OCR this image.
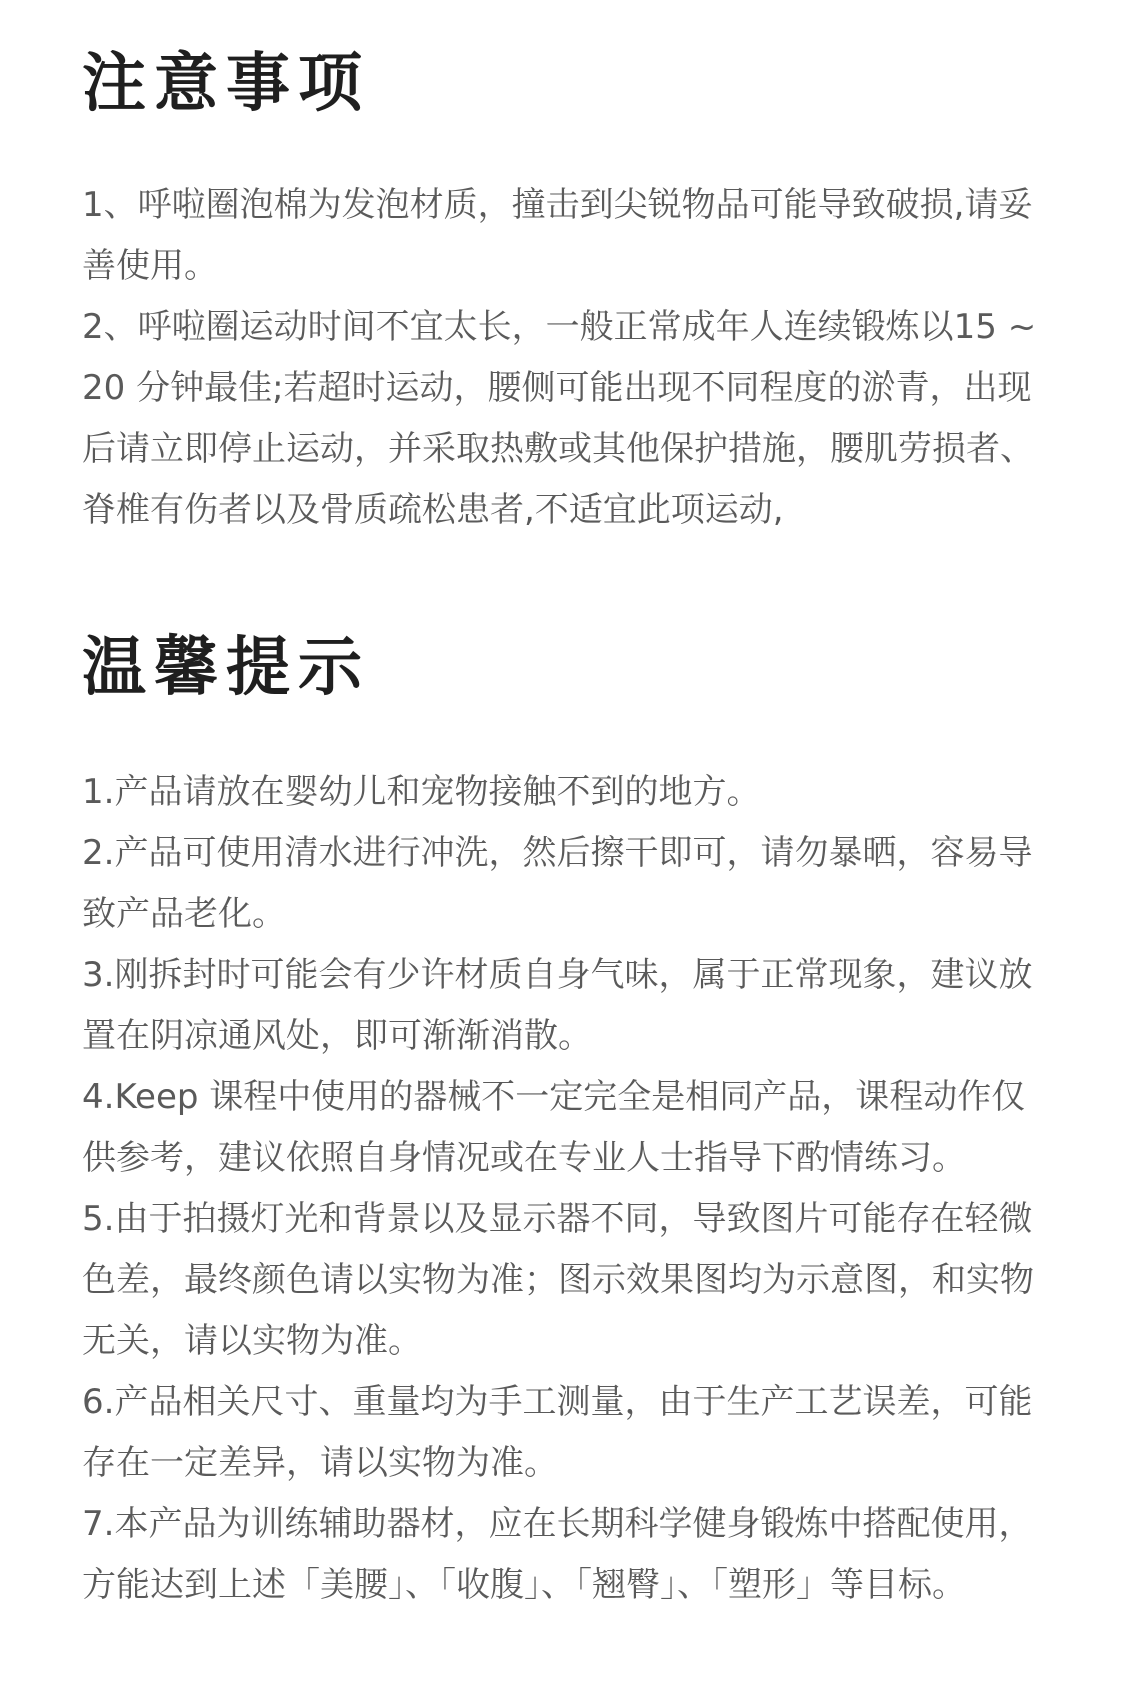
注意事项

1、呼啦圈泡棉为发泡材质，撞击到尖锐物品可能导致破损,请妥善使用。

2、呼啦圈运动时间不宜太长，一般正常成年人连续锻炼以15 ~ 20 分钟最佳;若超时运动，腰侧可能出现不同程度的淤青，出现后请立即停止运动，并采取热敷或其他保护措施，腰肌劳损者、脊椎有伤者以及骨质疏松患者,不适宜此项运动,

温馨提示

1.产品请放在婴幼儿和宠物接触不到的地方。

2.产品可使用清水进行冲洗，然后擦干即可，请勿暴晒，容易导致产品老化。

3.刚拆封时可能会有少许材质自身气味，属于正常现象，建议放置在阴凉通风处，即可渐渐消散。

4.Keep 课程中使用的器械不一定完全是相同产品，课程动作仅供参考，建议依照自身情况或在专业人士指导下酌情练习。

5.由于拍摄灯光和背景以及显示器不同，导致图片可能存在轻微色差，最终颜色请以实物为准；图示效果图均为示意图，和实物无关，请以实物为准。

6.产品相关尺寸、重量均为手工测量，由于生产工艺误差，可能存在一定差异，请以实物为准。

7.本产品为训练辅助器材，应在长期科学健身锻炼中搭配使用，方能达到上述「美腰」、「收腹」、「翘臀」、「塑形」等目标。
